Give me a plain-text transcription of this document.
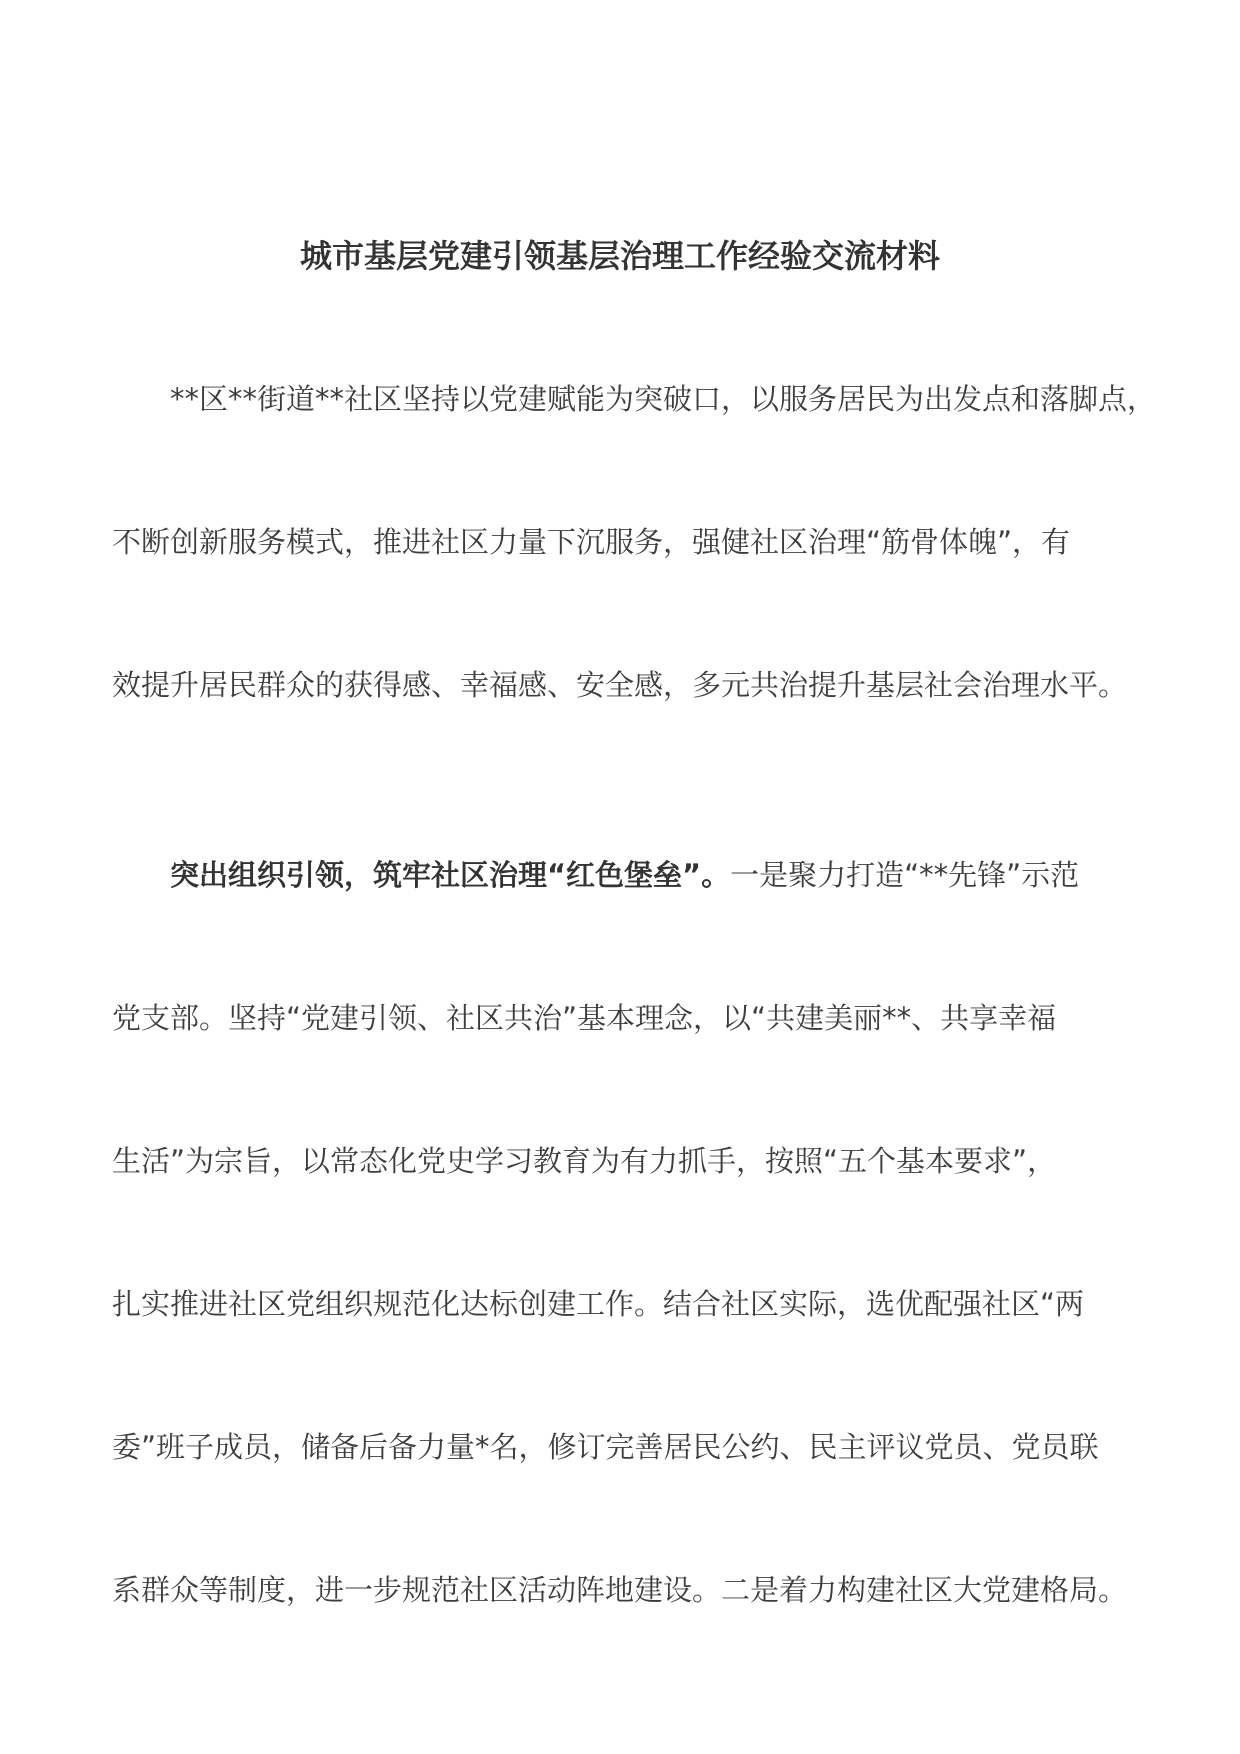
城市基层党建引领基层治理工作经验交流材料
**区**街道**社区坚持以党建赋能为突破口，以服务居民为出发点和落脚点，
不断创新服务模式，推进社区力量下沉服务，强健社区治理“筋骨体魄”，有
效提升居民群众的获得感、幸福感、安全感，多元共治提升基层社会治理水平。
突出组织引领，筑牢社区治理“红色堡垒”。一是聚力打造“**先锋”示范
党支部。坚持“党建引领、社区共治”基本理念，以“共建美丽**、共享幸福
生活”为宗旨，以常态化党史学习教育为有力抓手，按照“五个基本要求”，
扎实推进社区党组织规范化达标创建工作。结合社区实际，选优配强社区“两
委”班子成员，储备后备力量*名，修订完善居民公约、民主评议党员、党员联
系群众等制度，进一步规范社区活动阵地建设。二是着力构建社区大党建格局。
